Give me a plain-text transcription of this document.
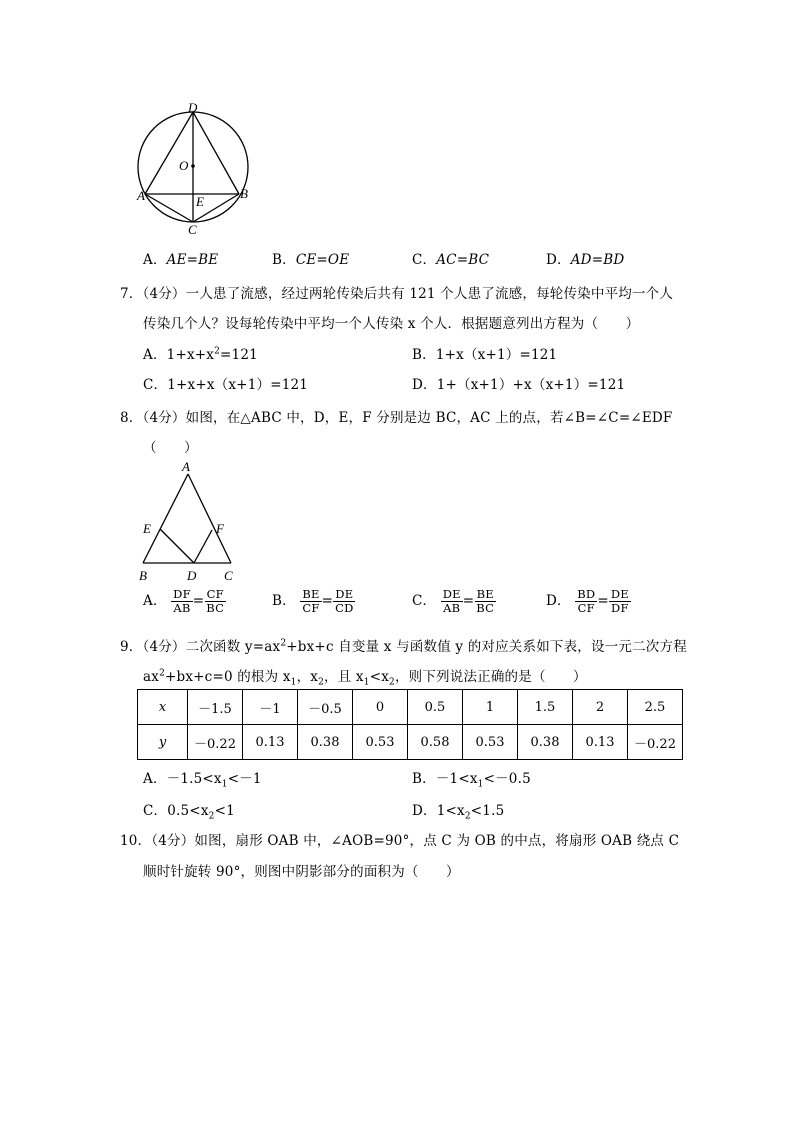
D
O
A	E
B
C
A．AE=BE	B．CE=OE	C．AC=BC	D．AD=BD
7．（4分）一人患了流感，经过两轮传染后共有 121 个人患了流感，每轮传染中平均一个人
传染几个人？设每轮传染中平均一个人传染 x 个人．根据题意列出方程为（　　）
A．$1+x+x^2=121$	B．1+x（x+1）=121
C．1+x+x（x+1）=121	D．1+（x+1）+x（x+1）=121
8．（4分）如图，在△ABC 中，D，E，F 分别是边 BC，AC 上的点，若∠B=∠C=∠EDF
（　　）
A
E	F
B	D C
A． $\frac{DF}{AB} = \frac{CF}{BC}$	B． $\frac{BE}{CF} = \frac{DE}{CD}$	C． $\frac{DE}{AB} = \frac{BE}{BC}$	D． $\frac{BD}{CF} = \frac{DE}{DF}$
9．（4分）二次函数 $y=ax^2+bx+c$ 自变量 x 与函数值 y 的对应关系如下表，设一元二次方程
$ax^2+bx+c=0$ 的根为 $x_1$，$x_2$，且 $x_1<x_2$，则下列说法正确的是（　　）
x	－1.5	－1	－0.5	0	0.5	1	1.5	2	2.5
y	－0.22	0.13	0.38	0.53	0.58	0.53	0.38	0.13	－0.22
A．$-1.5<x_1<-1$	B．$-1<x_1<-0.5$
C．$0.5<x_2<1$	D．$1<x_2<1.5$
10．（4分）如图，扇形 OAB 中，∠AOB=90°，点 C 为 OB 的中点，将扇形 OAB 绕点 C
顺时针旋转 90°，则图中阴影部分的面积为（　　）
